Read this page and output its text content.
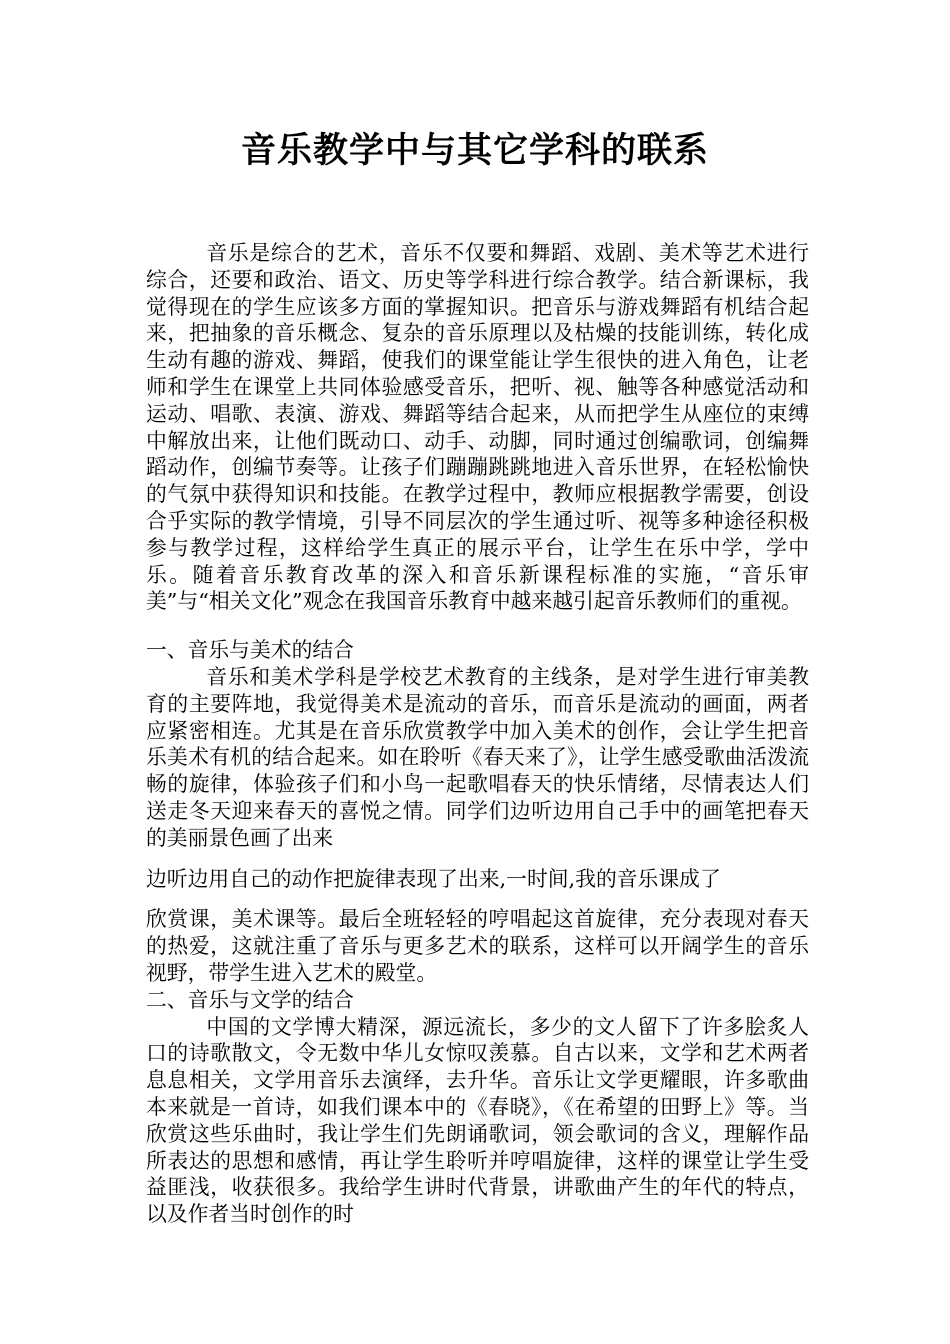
音乐教学中与其它学科的联系

音乐是综合的艺术，音乐不仅要和舞蹈、戏剧、美术等艺术进行综合，还要和政治、语文、历史等学科进行综合教学。结合新课标，我觉得现在的学生应该多方面的掌握知识。把音乐与游戏舞蹈有机结合起来，把抽象的音乐概念、复杂的音乐原理以及枯燥的技能训练，转化成生动有趣的游戏、舞蹈，使我们的课堂能让学生很快的进入角色，让老师和学生在课堂上共同体验感受音乐，把听、视、触等各种感觉活动和运动、唱歌、表演、游戏、舞蹈等结合起来，从而把学生从座位的束缚中解放出来，让他们既动口、动手、动脚，同时通过创编歌词，创编舞蹈动作，创编节奏等。让孩子们蹦蹦跳跳地进入音乐世界，在轻松愉快的气氛中获得知识和技能。在教学过程中，教师应根据教学需要，创设合乎实际的教学情境，引导不同层次的学生通过听、视等多种途径积极参与教学过程，这样给学生真正的展示平台，让学生在乐中学，学中乐。随着音乐教育改革的深入和音乐新课程标准的实施，“音乐审美”与“相关文化”观念在我国音乐教育中越来越引起音乐教师们的重视。

一、音乐与美术的结合

音乐和美术学科是学校艺术教育的主线条，是对学生进行审美教育的主要阵地，我觉得美术是流动的音乐，而音乐是流动的画面，两者应紧密相连。尤其是在音乐欣赏教学中加入美术的创作，会让学生把音乐美术有机的结合起来。如在聆听《春天来了》，让学生感受歌曲活泼流畅的旋律，体验孩子们和小鸟一起歌唱春天的快乐情绪，尽情表达人们送走冬天迎来春天的喜悦之情。同学们边听边用自己手中的画笔把春天的美丽景色画了出来

边听边用自己的动作把旋律表现了出来,一时间,我的音乐课成了

欣赏课，美术课等。最后全班轻轻的哼唱起这首旋律，充分表现对春天的热爱，这就注重了音乐与更多艺术的联系，这样可以开阔学生的音乐视野，带学生进入艺术的殿堂。

二、音乐与文学的结合

中国的文学博大精深，源远流长，多少的文人留下了许多脍炙人口的诗歌散文，令无数中华儿女惊叹羡慕。自古以来，文学和艺术两者息息相关，文学用音乐去演绎，去升华。音乐让文学更耀眼，许多歌曲本来就是一首诗，如我们课本中的《春晓》，《在希望的田野上》等。当欣赏这些乐曲时，我让学生们先朗诵歌词，领会歌词的含义，理解作品所表达的思想和感情，再让学生聆听并哼唱旋律，这样的课堂让学生受益匪浅，收获很多。我给学生讲时代背景，讲歌曲产生的年代的特点，以及作者当时创作的时
